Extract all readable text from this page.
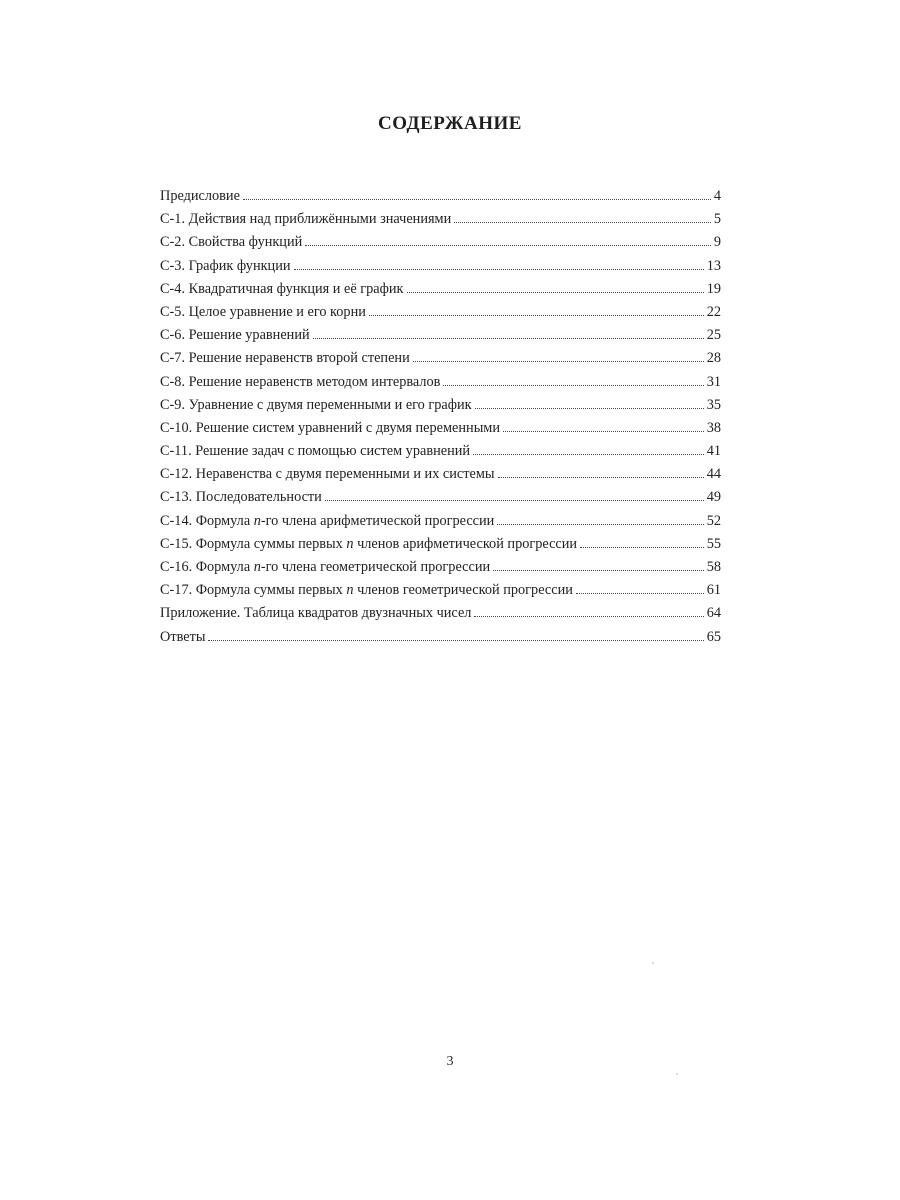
СОДЕРЖАНИЕ
Предисловие	4
С-1. Действия над приближёнными значениями	5
С-2. Свойства функций	9
С-3. График функции	13
С-4. Квадратичная функция и её график	19
С-5. Целое уравнение и его корни	22
С-6. Решение уравнений	25
С-7. Решение неравенств второй степени	28
С-8. Решение неравенств методом интервалов	31
С-9. Уравнение с двумя переменными и его график	35
С-10. Решение систем уравнений с двумя переменными	38
С-11. Решение задач с помощью систем уравнений	41
С-12. Неравенства с двумя переменными и их системы	44
С-13. Последовательности	49
С-14. Формула n-го члена арифметической прогрессии	52
С-15. Формула суммы первых n членов арифметической прогрессии	55
С-16. Формула n-го члена геометрической прогрессии	58
С-17. Формула суммы первых n членов геометрической прогрессии	61
Приложение. Таблица квадратов двузначных чисел	64
Ответы	65
3
